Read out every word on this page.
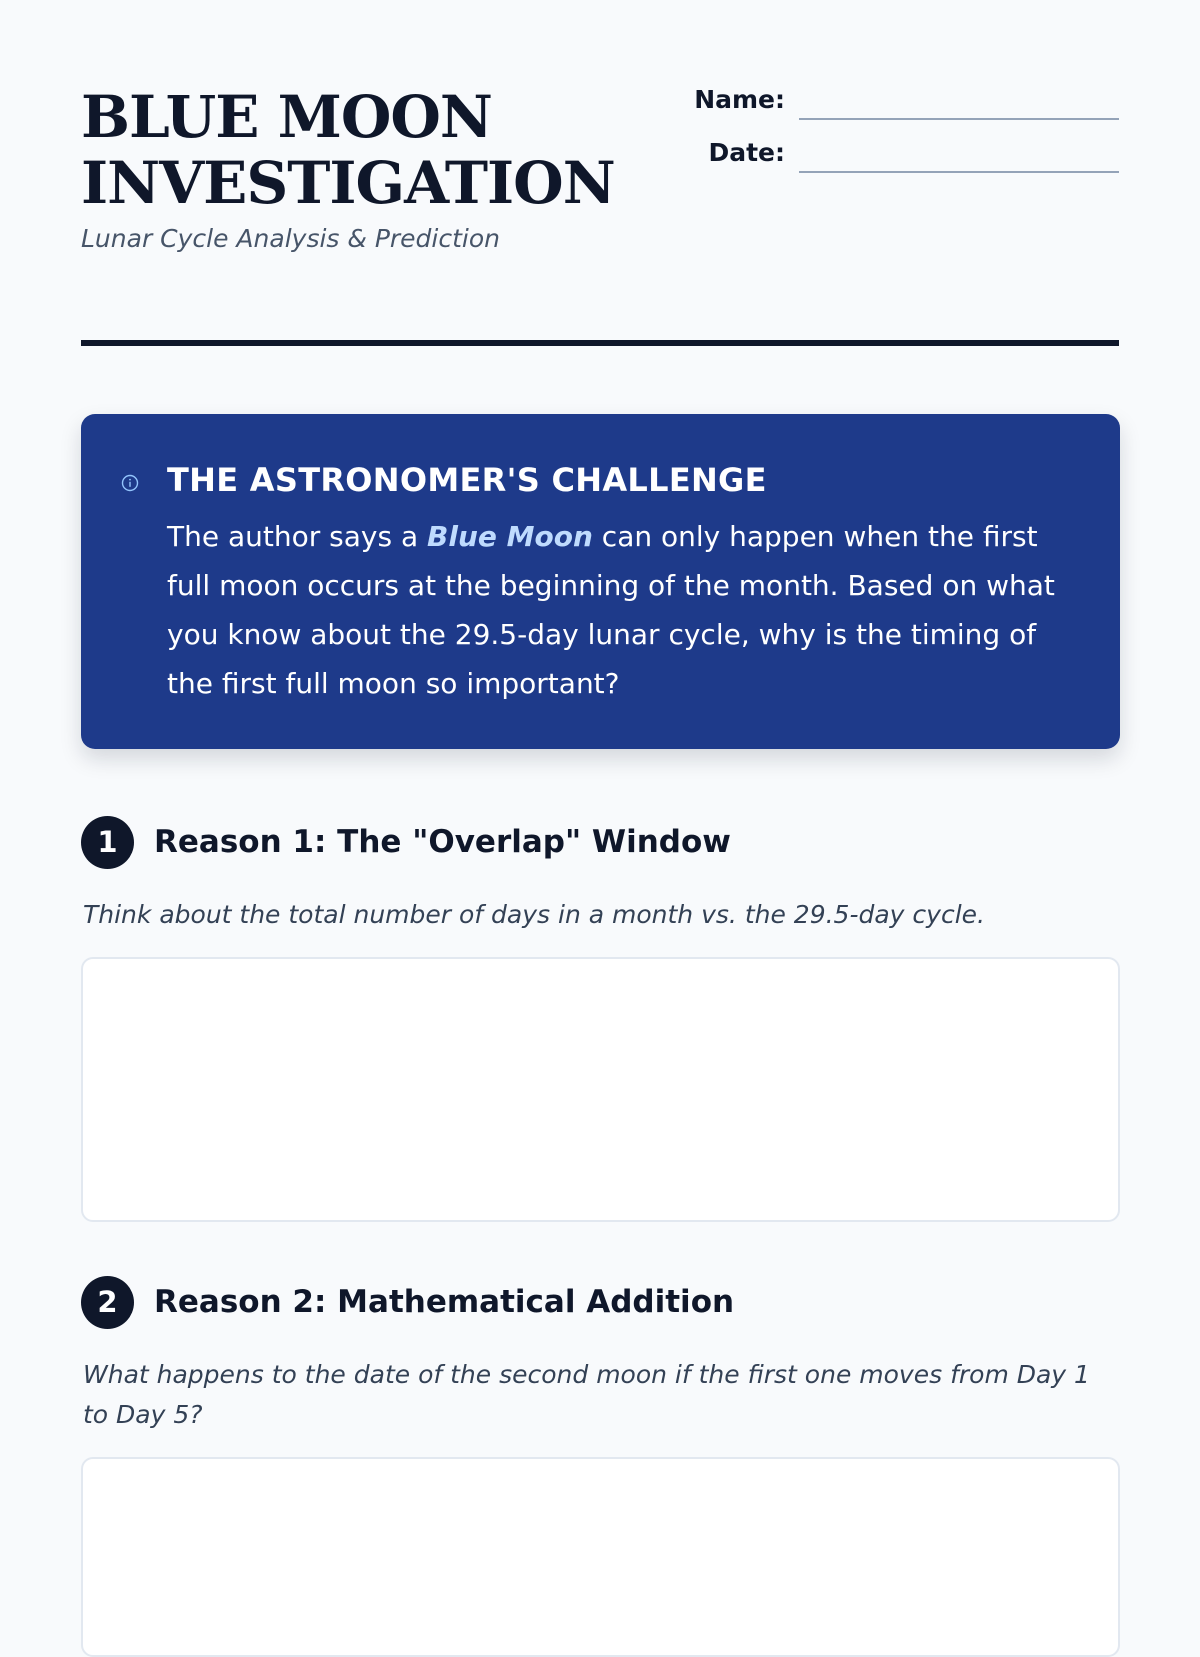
BLUE MOON
INVESTIGATION
Lunar Cycle Analysis & Prediction
Name:
Date:
THE ASTRONOMER'S CHALLENGE

The author says a Blue Moon can only happen when the first full moon occurs at the beginning of the month. Based on what you know about the 29.5-day lunar cycle, why is the timing of the first full moon so important?

1	Reason 1: The "Overlap" Window
Think about the total number of days in a month vs. the 29.5-day cycle.
2	Reason 2: Mathematical Addition
What happens to the date of the second moon if the first one moves from Day 1 to Day 5?
